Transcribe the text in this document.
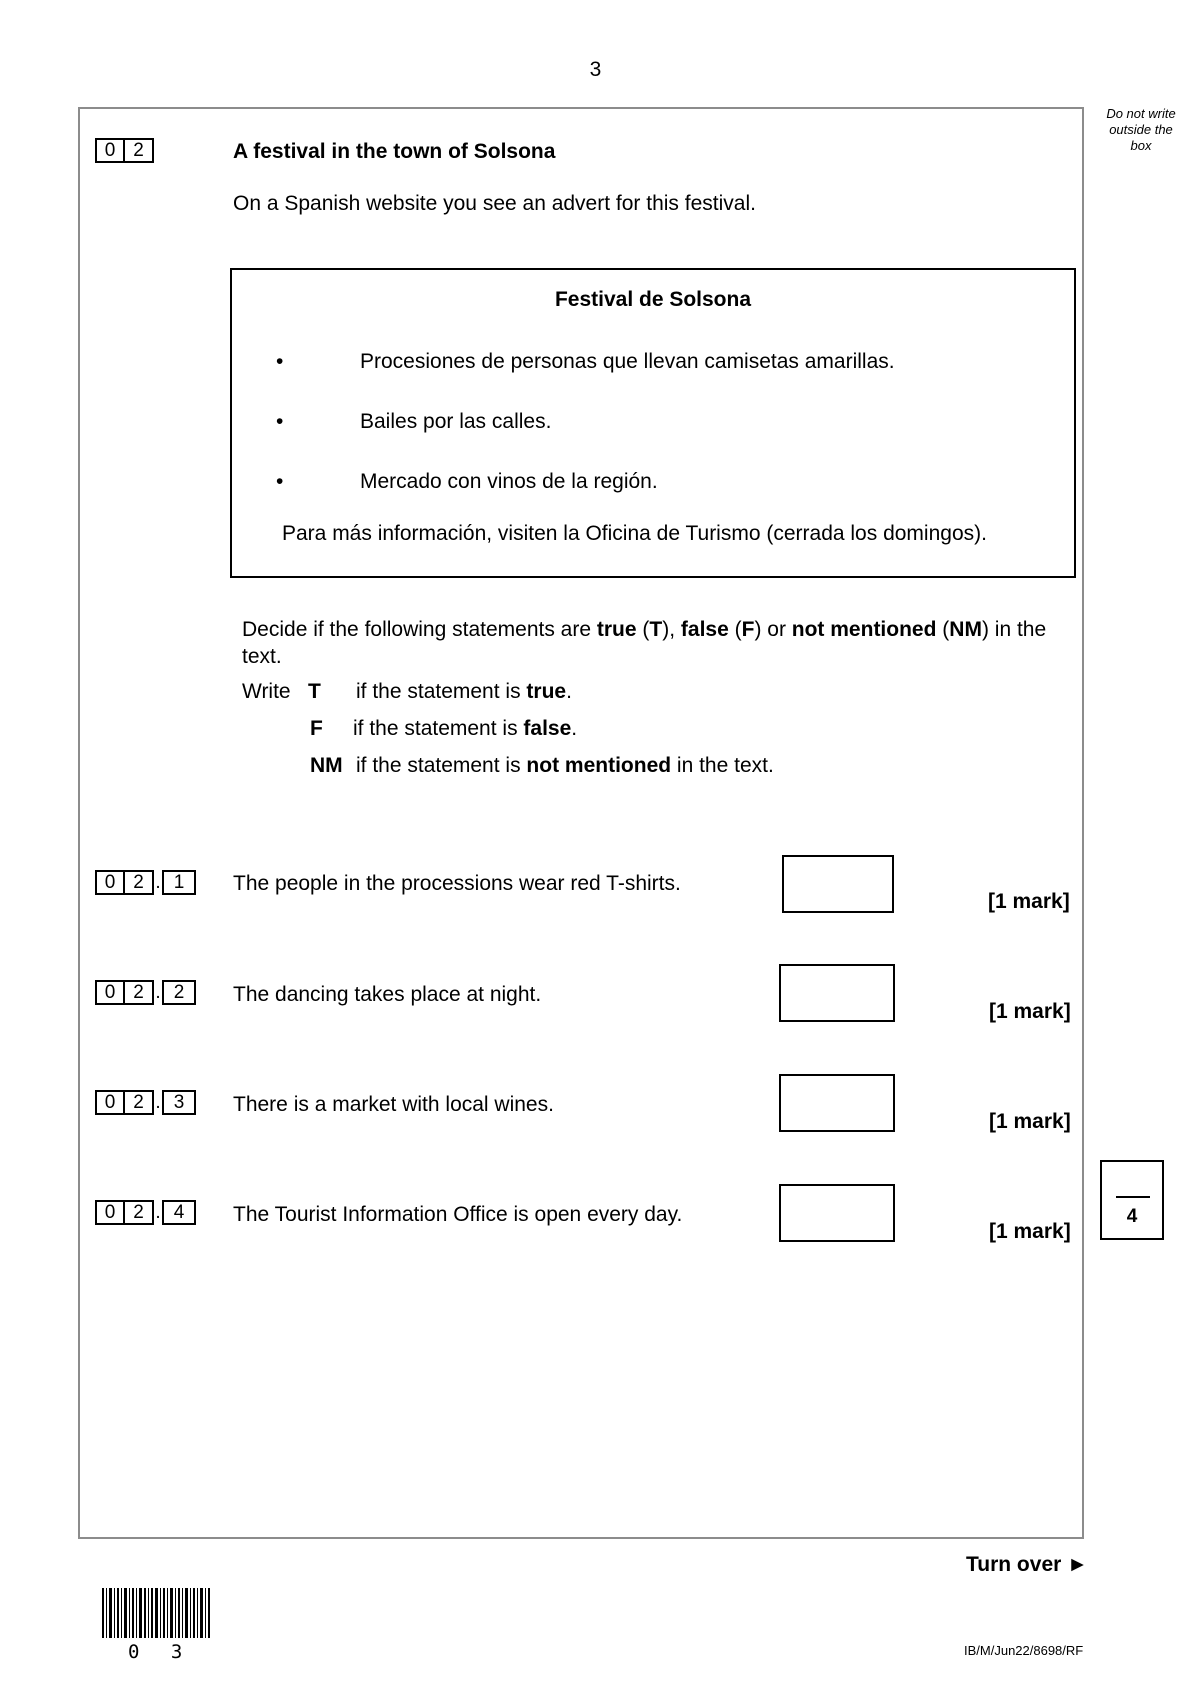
3
Do not write outside the box
0 2	A festival in the town of Solsona
On a Spanish website you see an advert for this festival.
Festival de Solsona
•	Procesiones de personas que llevan camisetas amarillas.
•	Bailes por las calles.
•	Mercado con vinos de la región.
Para más información, visiten la Oficina de Turismo (cerrada los domingos).
Decide if the following statements are true (T), false (F) or not mentioned (NM) in the text.
Write T if the statement is true.
F if the statement is false.
NM if the statement is not mentioned in the text.
0 2 . 1	The people in the processions wear red T-shirts.
[1 mark]
0 2 . 2	The dancing takes place at night.
[1 mark]
0 2 . 3	There is a market with local wines.
[1 mark]
0 2 . 4	The Tourist Information Office is open every day.
[1 mark]
4
Turn over ►
0 3	IB/M/Jun22/8698/RF
